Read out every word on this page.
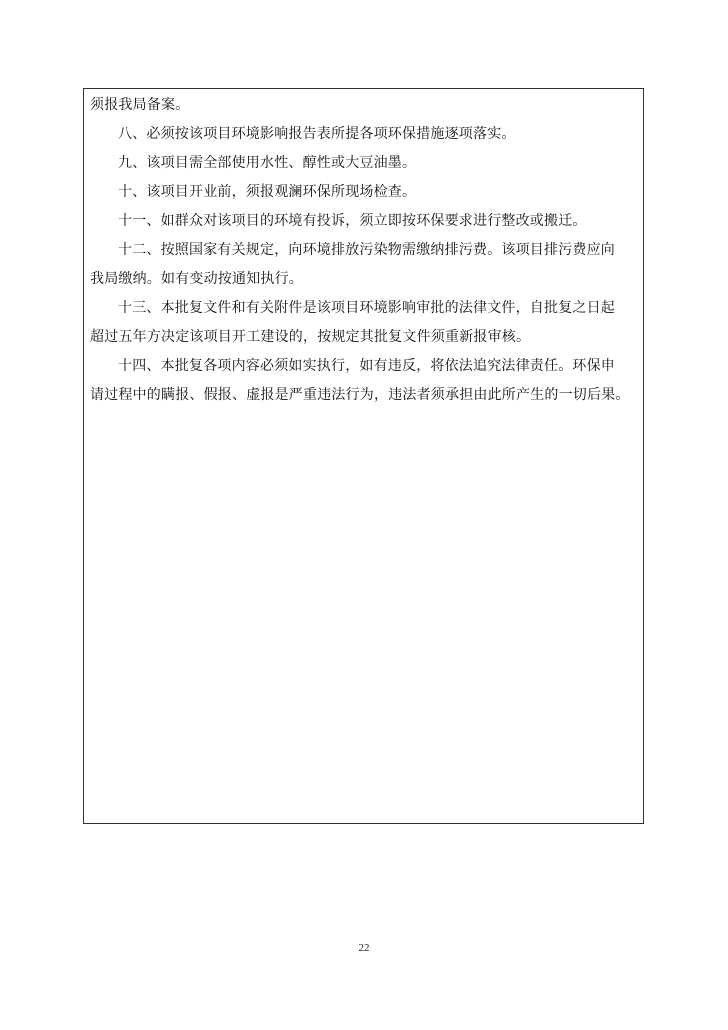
须报我局备案。
八、必须按该项目环境影响报告表所提各项环保措施逐项落实。
九、该项目需全部使用水性、醇性或大豆油墨。
十、该项目开业前，须报观澜环保所现场检查。
十一、如群众对该项目的环境有投诉，须立即按环保要求进行整改或搬迁。
十二、按照国家有关规定，向环境排放污染物需缴纳排污费。该项目排污费应向
我局缴纳。如有变动按通知执行。
十三、本批复文件和有关附件是该项目环境影响审批的法律文件，自批复之日起
超过五年方决定该项目开工建设的，按规定其批复文件须重新报审核。
十四、本批复各项内容必须如实执行，如有违反，将依法追究法律责任。环保申
请过程中的瞒报、假报、虚报是严重违法行为，违法者须承担由此所产生的一切后果。
22
